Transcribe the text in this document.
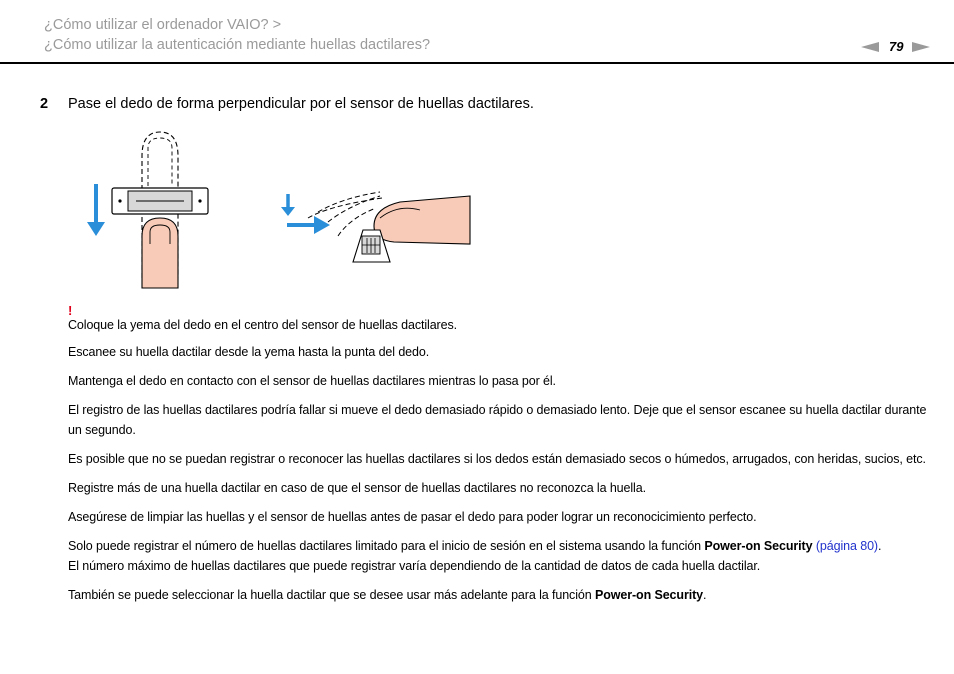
¿Cómo utilizar el ordenador VAIO? >
¿Cómo utilizar la autenticación mediante huellas dactilares?	79
2 Pase el dedo de forma perpendicular por el sensor de huellas dactilares.
!

Coloque la yema del dedo en el centro del sensor de huellas dactilares.

Escanee su huella dactilar desde la yema hasta la punta del dedo.

Mantenga el dedo en contacto con el sensor de huellas dactilares mientras lo pasa por él.

El registro de las huellas dactilares podría fallar si mueve el dedo demasiado rápido o demasiado lento. Deje que el sensor escanee su huella dactilar durante un segundo.

Es posible que no se puedan registrar o reconocer las huellas dactilares si los dedos están demasiado secos o húmedos, arrugados, con heridas, sucios, etc.

Registre más de una huella dactilar en caso de que el sensor de huellas dactilares no reconozca la huella.

Asegúrese de limpiar las huellas y el sensor de huellas antes de pasar el dedo para poder lograr un reconocicimiento perfecto.

Solo puede registrar el número de huellas dactilares limitado para el inicio de sesión en el sistema usando la función Power-on Security (página 80).
El número máximo de huellas dactilares que puede registrar varía dependiendo de la cantidad de datos de cada huella dactilar.

También se puede seleccionar la huella dactilar que se desee usar más adelante para la función Power-on Security.
